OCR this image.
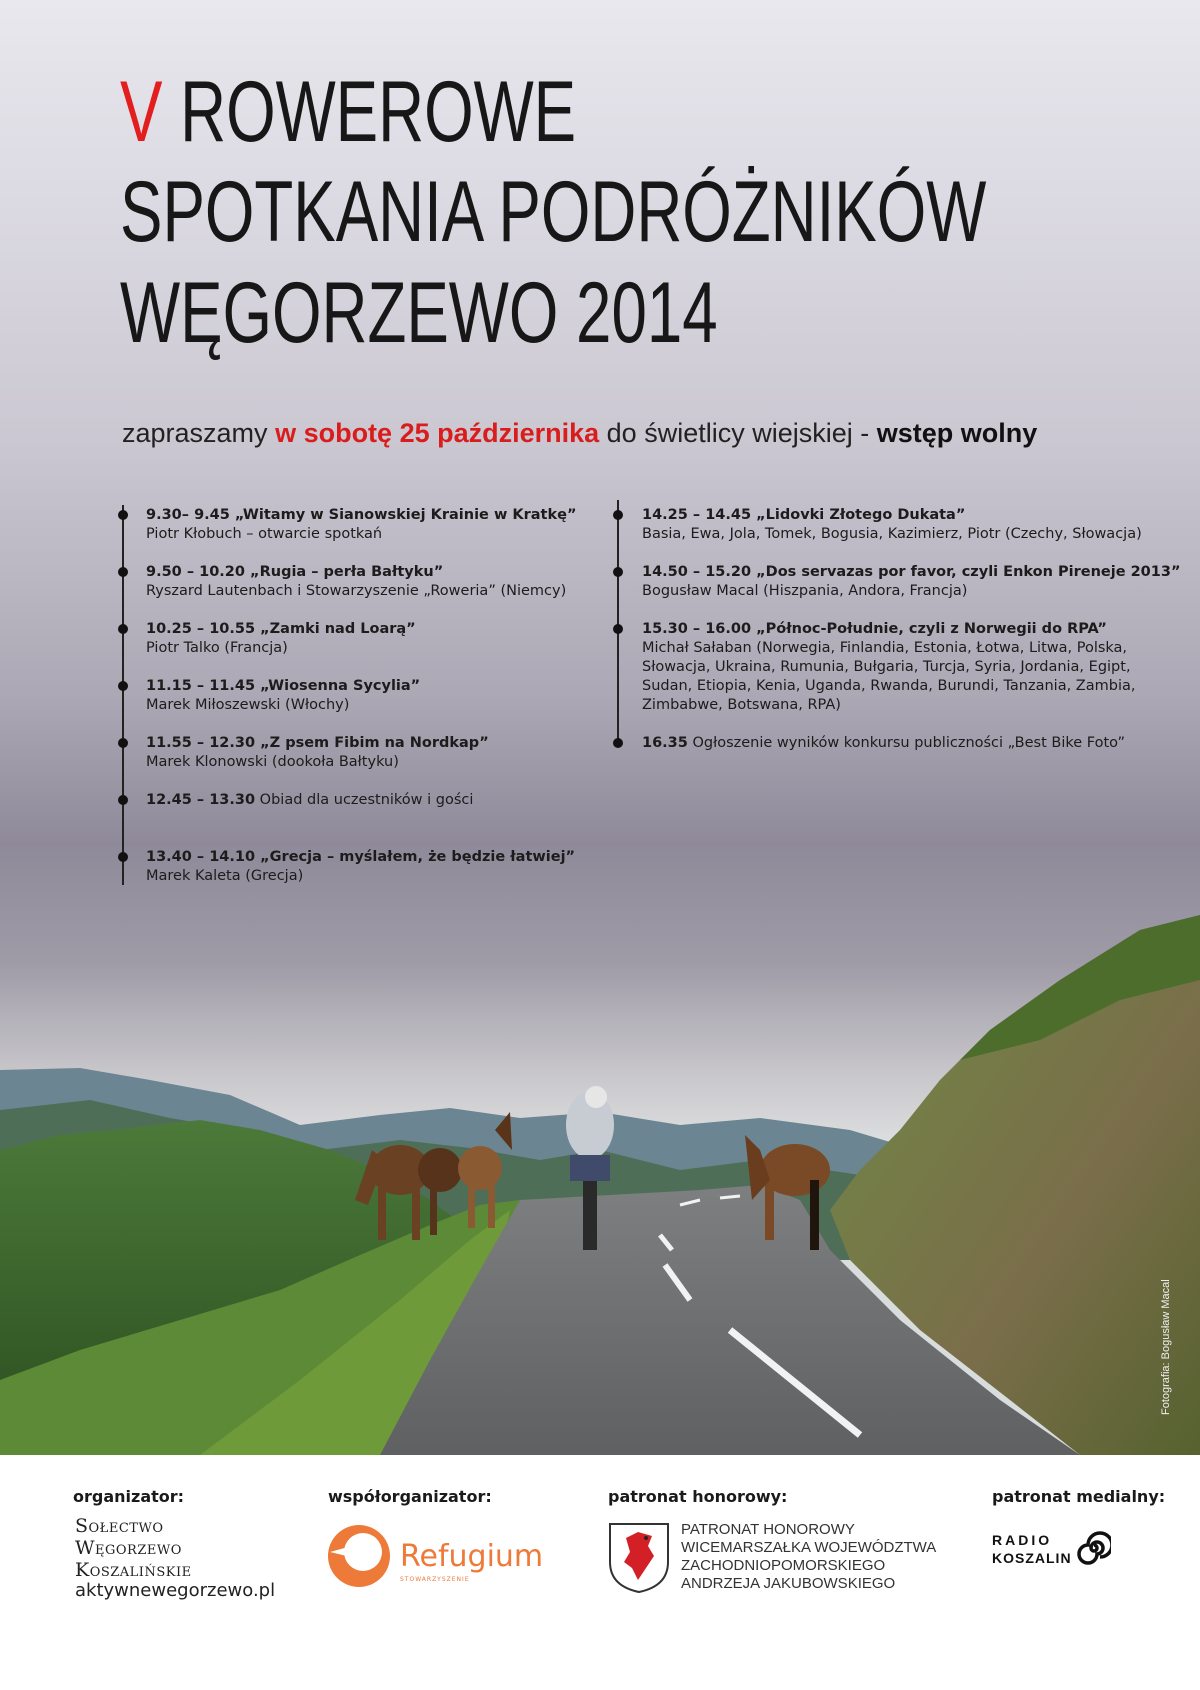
V ROWEROWE
SPOTKANIA PODRÓŻNIKÓW
WĘGORZEWO 2014
zapraszamy w sobotę 25 października do świetlicy wiejskiej - wstęp wolny
9.30– 9.45 „Witamy w Sianowskiej Krainie w Kratkę”
Piotr Kłobuch – otwarcie spotkań
9.50 – 10.20 „Rugia – perła Bałtyku”
Ryszard Lautenbach i Stowarzyszenie „Roweria” (Niemcy)
10.25 – 10.55 „Zamki nad Loarą”
Piotr Talko (Francja)
11.15 – 11.45 „Wiosenna Sycylia”
Marek Miłoszewski (Włochy)
11.55 – 12.30 „Z psem Fibim na Nordkap”
Marek Klonowski (dookoła Bałtyku)
12.45 – 13.30 Obiad dla uczestników i gości
13.40 – 14.10 „Grecja – myślałem, że będzie łatwiej”
Marek Kaleta (Grecja)
14.25 – 14.45 „Lidovki Złotego Dukata”
Basia, Ewa, Jola, Tomek, Bogusia, Kazimierz, Piotr (Czechy, Słowacja)
14.50 – 15.20 „Dos servazas por favor, czyli Enkon Pireneje 2013”
Bogusław Macal (Hiszpania, Andora, Francja)
15.30 – 16.00 „Północ-Południe, czyli z Norwegii do RPA”
Michał Sałaban (Norwegia, Finlandia, Estonia, Łotwa, Litwa, Polska,
Słowacja, Ukraina, Rumunia, Bułgaria, Turcja, Syria, Jordania, Egipt,
Sudan, Etiopia, Kenia, Uganda, Rwanda, Burundi, Tanzania, Zambia,
Zimbabwe, Botswana, RPA)
16.35 Ogłoszenie wyników konkursu publiczności „Best Bike Foto”
Fotografia: Bogusław Macal
organizator:
Sołectwo
Węgorzewo
Koszalińskie
aktywnewegorzewo.pl
współorganizator:
Refugium
STOWARZYSZENIE
patronat honorowy:
PATRONAT HONOROWY
WICEMARSZAŁKA WOJEWÓDZTWA
ZACHODNIOPOMORSKIEGO
ANDRZEJA JAKUBOWSKIEGO
patronat medialny:
RADIO
KOSZALIN
